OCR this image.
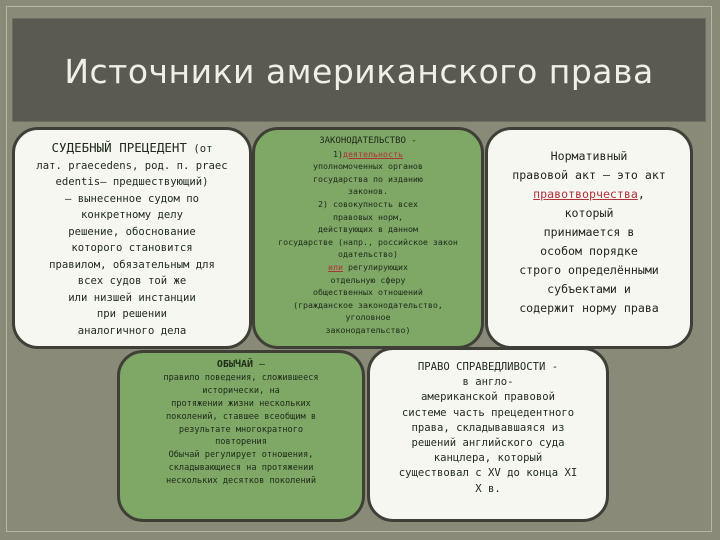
Источники американского права
СУДЕБНЫЙ ПРЕЦЕДЕНТ (от
лат. praecedens, род. п. praec
edentis— предшествующий)
— вынесенное судом по
конкретному делу
решение, обоснование
которого становится
правилом, обязательным для
всех судов той же
или низшей инстанции
при решении
аналогичного дела
ЗАКОНОДАТЕЛЬСТВО -
1)деятельность
уполномоченных органов
государства по изданию
законов.
2) совокупность всех
правовых норм,
действующих в данном
государстве (напр., российское закон
одательство)
или регулирующих
отдельную сферу
общественных отношений
(гражданское законодательство,
уголовное
законодательство)
Нормативный
правовой акт — это акт
правотворчества,
который
принимается в
особом порядке
строго определёнными
субъектами и
содержит норму права
ОБЫЧАЙ —
правило поведения, сложившееся
исторически, на
протяжении жизни нескольких
поколений, ставшее всеобщим в
результате многократного
повторения
Обычай регулирует отношения,
складывающиеся на протяжении
нескольких десятков поколений
ПРАВО СПРАВЕДЛИВОСТИ -
в англо-
американской правовой
системе часть прецедентного
права, складывавшаяся из
решений английского суда
канцлера, который
существовал с XV до конца XI
X в.
